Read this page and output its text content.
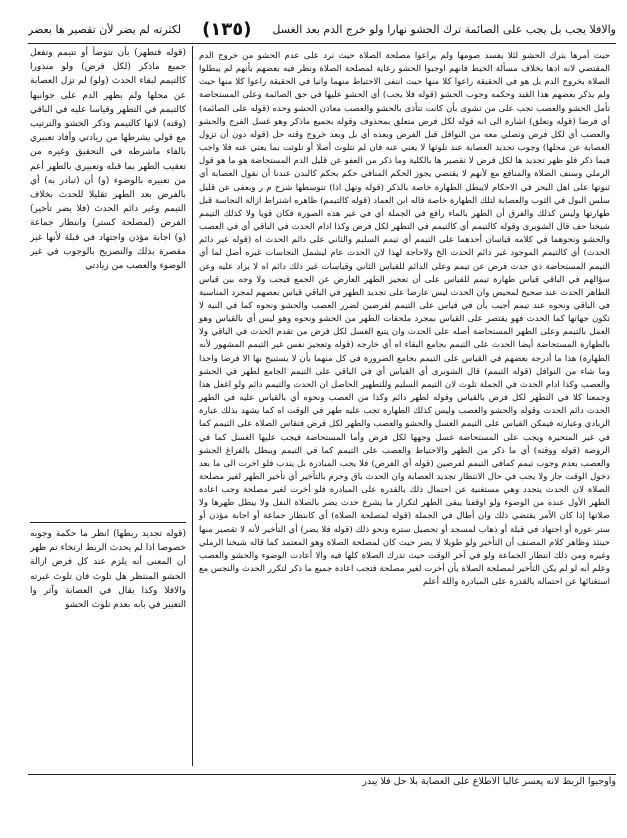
والافلا يجب بل يجب على الصائمة ترك الحشو نهارا ولو خرج الدم بعد الغسل
(١٣٥)
لكثرته لم يضر لأن تقصير ها بعضر

حيث أمرها بترك الحشو لئلا يفسد صومها ولم يراعوا مصلحة الصلاة حيث ترد على عدم الحشو من خروج الدم المقتضي لانه ادها بخلاف مسألة الخيط فانهم اوجبوا الحشو رعاية لمصلحة الصلاة ونظر فيه بعضهم بأنهم لم يبطلوا الصلاة بخروج الدم بل هو في الحقيقة راعوا كلا منها حيث انتفى الاحتياط منهما وانيا في الحقيقة راعوا كلا منها حيث ولم يذكر بعضهم هذا القيد وحكمه وجوب الحشو (قوله فلا يجب) أي الحشو عليها في حق الصائمة وعلى المستحاضة تأمل الحشو والعصب تجب على من تشوى بأن كانت تتأذى بالحشو والعصب معادن الحشو وحده (قوله على الصائمة) أي فرضا (قوله وتعلق) اشارة الى انه قوله لكل فرض متعلق بمحذوف وقوله بجميع ماذكر وهو غسل الفرج والحشو والعصب أي لكل فرض وتصلي معه من النوافل قبل الفرض وبعده أي بل وبعد خروج وقته حل (قوله دون أن تزول العصابة عن محلها) وجوب تجديد العصابة عند تلوثها لا يعني عنه فان لم تتلوث أصلا أو تلوثت بما يعني عنه فلا واجب فيما ذكر فلو ظهر تجديد ها لكل فرض لا تقصير ها بالكلية وما ذكر من العفو عن قليل الدم المستحاضة هو ما هو قول الرملي وسنف الصلاة والمنافع مع لأنهم لا يقتضي يجوز الحكم المنافي حكم بحكم كالبدن عندنا أن نقول العصابة أي ثبوتها على اهل البحر في الاحكام لايبطل الطهارة خاصة بالذكر (قوله وتهل اذا) تتوسطها شرح م ر وبعفى عن قليل سلس البول في الثوب والعصابة لتلك الطهارة خاصة قاله ابن العماد (قوله كالتيمم) ظاهره اشتراط ازالة النجاسة قبل طهارتها وليس كذلك والفرق أن الطهر بالماء رافع في الجملة أي في غير هذه الصورة فكان قويا ولا كذلك التيمم شيخنا حف قال الشوبرى وقوله كالتيمم أي كالتيمم في التطهر لكل فرض وكذا ادام الحدث في الباقي أي في العصب والحشو ونحوهما في كلامه قياسان أحدهما على التيمم أي تيمم السليم والثاني على دائم الحدث اه (قوله غير دائم الحدث) أي كالتيمم الموجود غير دائم الحدث الخ ولاحاجة لهذا لان الحدث عام ليشمل النجاسات غيره أصل لما أي التيمم المستحاضة ذي حدث فرض عن تيمم وعلى الدائم للقياس الثاني وقياسات غير ذلك دائم اه لا يزاد عليه وعن سؤالهم في الباقي قياس طهارة تيمم للقياس على أن تعجيز الطهر العارض عن الجمع فيجب ولا وجه بين قياس الطاهر الحدث عند صحيح لمحيض وان الحدث ليس عارضا على تجديد الطهر في الباقي قياس بعضهم لمجرد المناسبة في الباقي ونحوه عند تيمم أجيب بأن في قياس على التيمم لفرضين لضرر العصب والحشو ونحوه كما في النية لا تكون جهاتها كما الحدث فهو يقتصر على القياس بمجرد ملحقات الطهر من الحشو ونحوه وهو ليس أي بالقياس وهو العمل بالتيمم وعلى الطهر المستحاضة أصله على الحدث وان يتبع الغسل لكل فرض من تقدم الحدث في الباقي ولا بالطهارة المستحاضة أيضا الحدث على التيمم بجامع البقاء اه أي خارجه (قوله وتعجيز نفس غير التيمم المشهور لأنه الطهارة) هذا ما أدرجه بعضهم في القياس على التيمم بجامع الضرورة في كل منهما بأن لا يستبيح بها الا فرضا واحدا وما شاء من النوافل (قوله التيمم) قال الشوبرى أي القياس أي في الباقي على التيمم الجامع لطهر في الحشو والعصب وكذا ادام الحدث في الجملة تلوث لان التيمم السليم وللتطهير الحاصل ان الحدث والتيمم دائم ولو اغفل هذا وجمعنا كلا في التطهر لكل فرض بالقياس وقوله لطهر دائم وكذا من العصب ونحوه أي بالقياس عليه في الطهر الحدث دائم الحدث وقوله والحشو والعصب وليس كذلك الطهارة تجب عليه طهر في الوقت اه كما يشهد بذلك عبارة الزيادي وعبارته فيمكن القياس على التيمم الغسل والحشو والعصب والطهر لكل فرض فتقاس الصلاة على التيمم كما في غير المتحيرة ويجب على المستحاضة غسل وجهها لكل فرض وأما المستحاضة فيجب عليها الغسل كما في الروضة (قوله ووقته) أي ما ذكر من الطهر والاحتياط والعصب على التيمم كما في التيمم ويبطل بالفراغ الحشو والعصب بعدم وجوب تيمم كمافي التيمم لفرضين (قوله أي الفرض) فلا يجب المبادرة بل يندب فلو اخرت الى ما بعد دخول الوقت جاز ولا يجب في حال الانتظار تجديد العصابة وان الحدث باق وحرم بالتأخير أي تأخير الطهر لغير مصلحة الصلاة لان الحدث يتجدد وهي مستغنية عن احتمال ذلك بالقدرة على المبادرة فلو أخرت لغير مصلحة وجب اعادة الطهر الأول عنده من الوضوء ولو اوقفنا يبقى الطهر لتكرار ما يشرع حدث يضر بالصلاة النفل ولا يبطل طهرها ولا صلاتها إذا كان الأمر يقتضي ذلك وان أطال في الجملة (قوله لمصلحة الصلاة) أي كانتظار جماعة أو اجابة مؤذن أو ستر عورة أو اجتهاد في قبلة أو ذهاب لمسجد أو تحصيل سترة ونحو ذلك (قوله فلا يضر) أي التأخير لأنه لا تقصير منها حينئذ وظاهر كلام المصنف أن التأخير ولو طويلا لا يضر حيث كان لمصلحة الصلاة وهو المعتمد كما قاله شيخنا الرملي وغيره ومن ذلك انتظار الجماعة ولو في آخر الوقت حيث تدرك الصلاة كلها فيه والا أعادت الوضوء والحشو والعصب وعلم أنه لو لم يكن التأخير لمصلحة الصلاة بأن أخرت لغير مصلحة فتجب اعادة جميع ما ذكر لتكرر الحدث والنجس مع استغنائها عن احتماله بالقدرة على المبادرة والله أعلم

(قوله فتطهر) بأن تتوضأ أو تتيمم وتفعل جميع ماذكر (لكل فرض) ولو منذورا كالتيمم لبقاء الحدث (ولو) لم تزل العصابة عن محلها ولم يظهر الدم على جوانبها كالتيمم في التطهر وقياسا عليه في الباقي (وقته) لانها كالتيمم وذكر الحشو والترتيب مع قولي يشرطها من زيادتي وأفاد تعبيري بالفاء ماشرطه في التحقيق وغيره من تعقيب الطهر بما قبله وتعبيري بالطهر أعم من تعبيره بالوضوء (و) أن (تبادر به) أي بالفرض بعد الطهر تقليلا للحدث بخلاف التيمم وغير دائم الحدث (فلا يضر تأخير) الفرض (لمصلحة كستر) وانتظار جماعة (و) اجابة مؤذن واجتهاد في قبلة لأنها غير مقصرة بذلك والتصريح بالوجوب في غير الوضوء والعصب من زيادتي

(قوله تجديد ربطها) انظر ما حكمة وجوبه خصوصا اذا لم يحدث الربط ارتخاء تم ظهر أن المعنى أنه يلزم عند كل فرض ازالة الحشو المنتظر هل تلوث فان تلوث غيرته والافلا وكذا يقال في العصابة وآثر وا التعبير في بابه بعدم تلوث الحشو

وأوجبوا الربط لانه يعسر غالبا الاطلاع على العصابة بلا حل فلا يبدر
